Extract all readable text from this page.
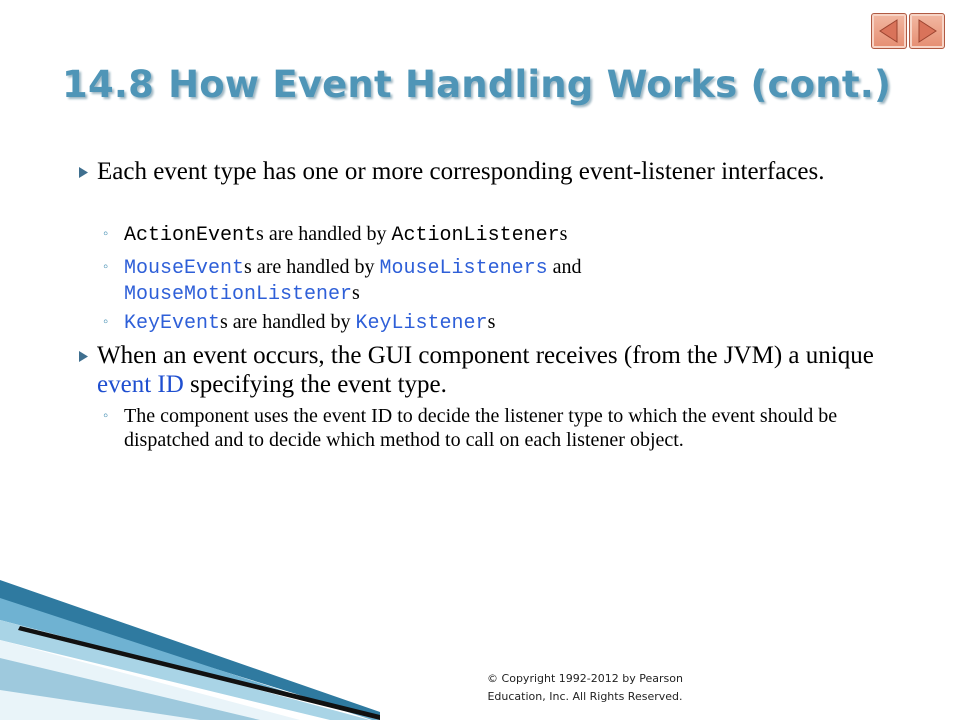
14.8 How Event Handling Works (cont.)
Each event type has one or more corresponding event-listener interfaces.
◦ ActionEvents are handled by ActionListeners
◦ MouseEvents are handled by MouseListeners and
MouseMotionListeners
◦ KeyEvents are handled by KeyListeners
When an event occurs, the GUI component receives (from the JVM) a unique event ID specifying the event type.
◦ The component uses the event ID to decide the listener type to which the event should be dispatched and to decide which method to call on each listener object.
© Copyright 1992-2012 by Pearson
Education, Inc. All Rights Reserved.
